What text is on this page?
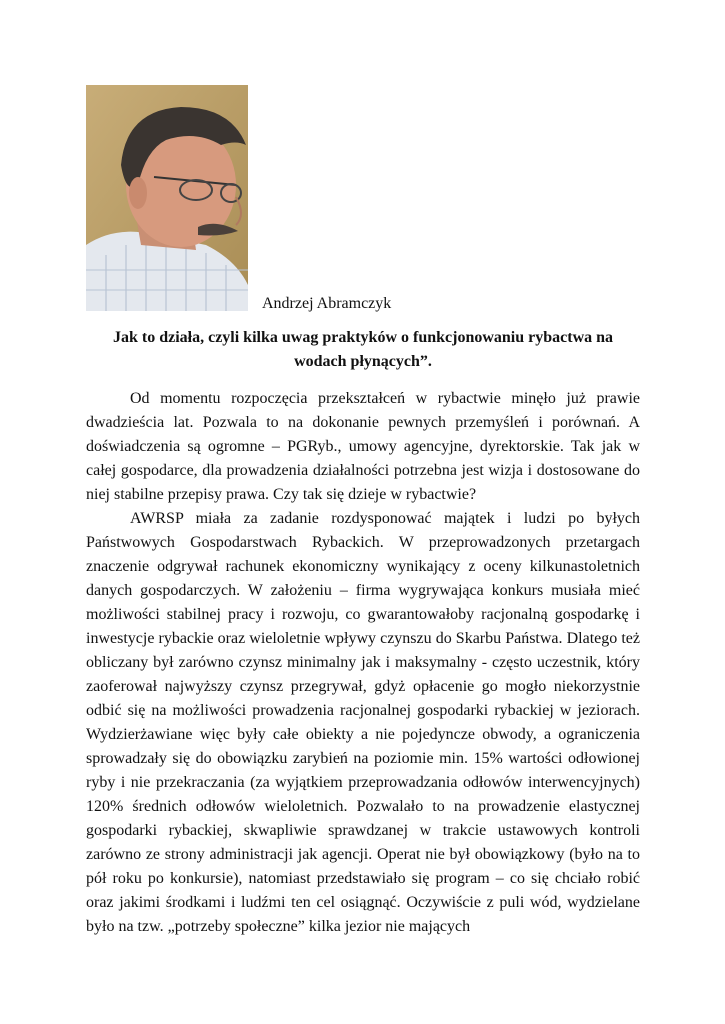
Andrzej Abramczyk
Jak to działa, czyli kilka uwag praktyków o funkcjonowaniu rybactwa na wodach płynących”.

Od momentu rozpoczęcia przekształceń w rybactwie minęło już prawie dwadzieścia lat. Pozwala to na dokonanie pewnych przemyśleń i porównań. A doświadczenia są ogromne – PGRyb., umowy agencyjne, dyrektorskie. Tak jak w całej gospodarce, dla prowadzenia działalności potrzebna jest wizja i dostosowane do niej stabilne przepisy prawa. Czy tak się dzieje w rybactwie?

AWRSP miała za zadanie rozdysponować majątek i ludzi po byłych Państwowych Gospodarstwach Rybackich. W przeprowadzonych przetargach znaczenie odgrywał rachunek ekonomiczny wynikający z oceny kilkunastoletnich danych gospodarczych. W założeniu – firma wygrywająca konkurs musiała mieć możliwości stabilnej pracy i rozwoju, co gwarantowałoby racjonalną gospodarkę i inwestycje rybackie oraz wieloletnie wpływy czynszu do Skarbu Państwa. Dlatego też obliczany był zarówno czynsz minimalny jak i maksymalny - często uczestnik, który zaoferował najwyższy czynsz przegrywał, gdyż opłacenie go mogło niekorzystnie odbić się na możliwości prowadzenia racjonalnej gospodarki rybackiej w jeziorach. Wydzierżawiane więc były całe obiekty a nie pojedyncze obwody, a ograniczenia sprowadzały się do obowiązku zarybień na poziomie min. 15% wartości odłowionej ryby i nie przekraczania (za wyjątkiem przeprowadzania odłowów interwencyjnych) 120% średnich odłowów wieloletnich. Pozwalało to na prowadzenie elastycznej gospodarki rybackiej, skwapliwie sprawdzanej w trakcie ustawowych kontroli zarówno ze strony administracji jak agencji. Operat nie był obowiązkowy (było na to pół roku po konkursie), natomiast przedstawiało się program – co się chciało robić oraz jakimi środkami i ludźmi ten cel osiągnąć. Oczywiście z puli wód, wydzielane było na tzw. „potrzeby społeczne” kilka jezior nie mających
